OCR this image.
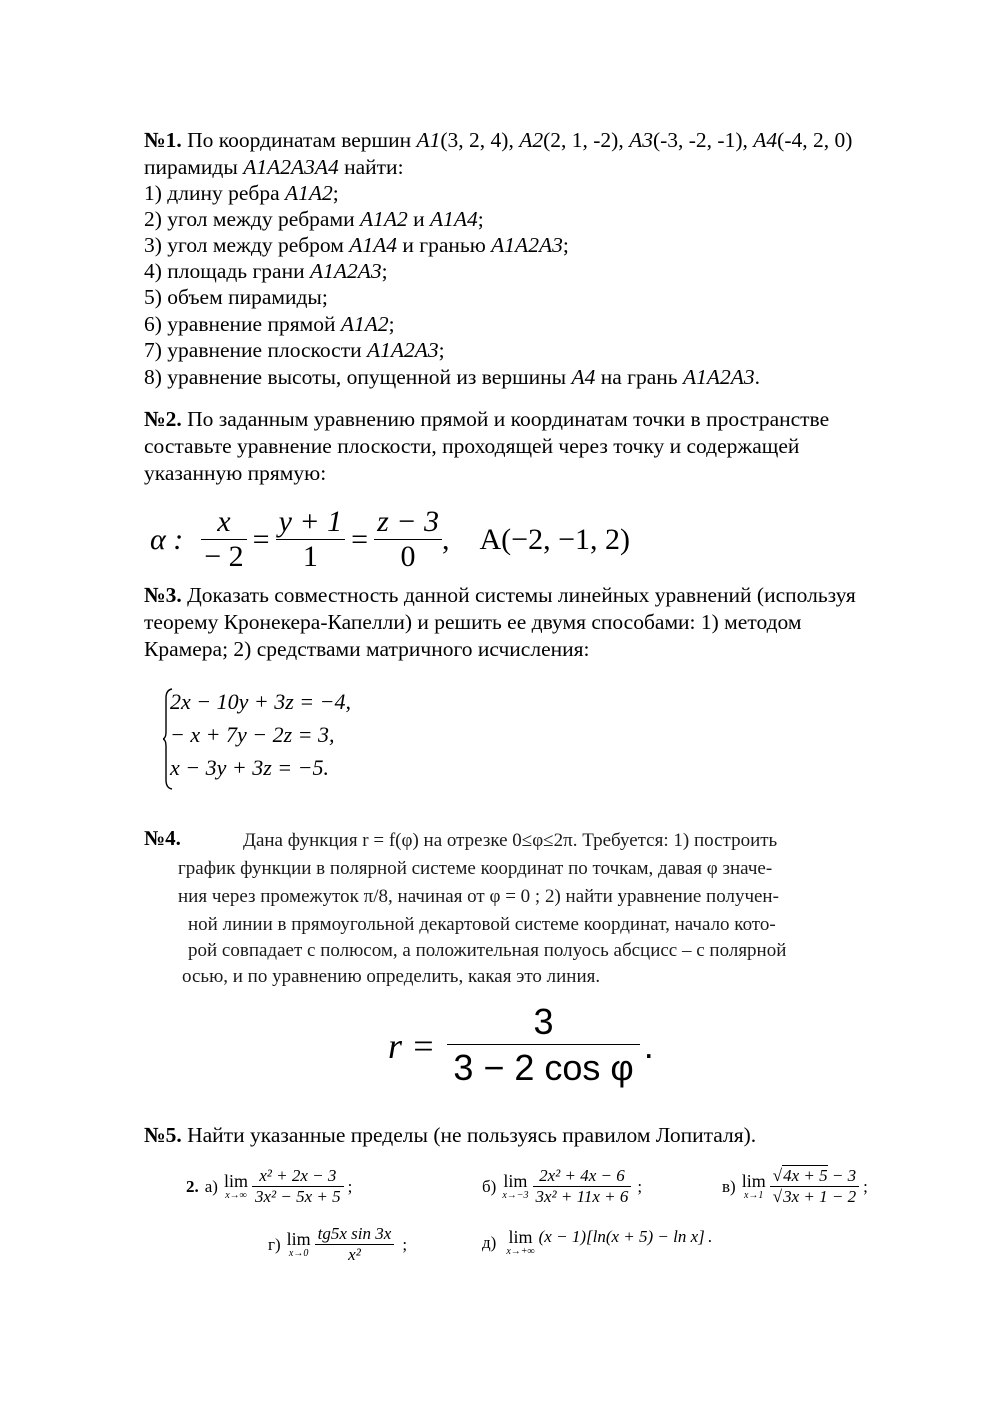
№1. По координатам вершин A1(3, 2, 4), A2(2, 1, -2), A3(-3, -2, -1), A4(-4, 2, 0)
пирамиды A1A2A3A4 найти:
1) длину ребра A1A2;
2) угол между ребрами A1A2 и A1A4;
3) угол между ребром A1A4 и гранью A1A2A3;
4) площадь грани A1A2A3;
5) объем пирамиды;
6) уравнение прямой A1A2;
7) уравнение плоскости A1A2A3;
8) уравнение высоты, опущенной из вершины A4 на грань A1A2A3.
№2. По заданным уравнению прямой и координатам точки в пространстве
составьте уравнение плоскости, проходящей через точку и содержащей
указанную прямую:
α : $\frac{x}{- 2} = \frac{y + 1}{1} = \frac{z - 3}{0}$ , A(−2, −1, 2)
№3. Доказать совместность данной системы линейных уравнений (используя
теорему Кронекера-Капелли) и решить ее двумя способами: 1) методом
Крамера; 2) средствами матричного исчисления:
2x − 10y + 3z = −4,
− x + 7y − 2z = 3,
x − 3y + 3z = −5.
№4.	Дана функция r = f(φ) на отрезке 0≤φ≤2π. Требуется: 1) построить
график функции в полярной системе координат по точкам, давая φ значе-
ния через промежуток π/8, начиная от φ = 0 ; 2) найти уравнение получен-
ной линии в прямоугольной декартовой системе координат, начало кото-
рой совпадает с полюсом, а положительная полуось абсцисс – с полярной
осью, и по уравнению определить, какая это линия.
$r = \frac{3}{\text{3 − 2 cos φ}}$ .
№5. Найти указанные пределы (не пользуясь правилом Лопиталя).
2. а) lim
$x\to\infty \frac{\text{x² + 2x − 3}}{\text{3x² − 5x + 5}}$ ;	б) lim
$x\to-3 \frac{\text{2x² + 4x − 6}}{\text{3x² + 11x + 6}}$ ;	в) lim
$x\to 1 \frac{√4x + 5 - 3}{√3x + 1 - 2}$ ;
г) lim
$x\to 0 \frac{\text{tg5x sin 3x}}{\text{x²}}$ ;	д) lim
x→+∞
(x − 1)[ln(x + 5) − ln x] .
